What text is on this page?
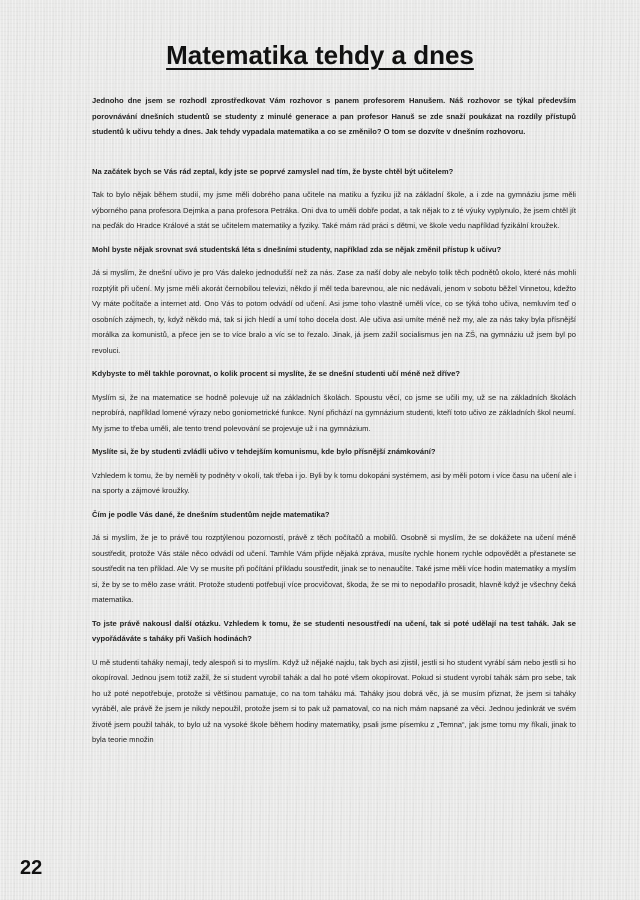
Matematika tehdy a dnes

Jednoho dne jsem se rozhodl zprostředkovat Vám rozhovor s panem profesorem Hanušem. Náš rozhovor se týkal především porovnávání dnešních studentů se studenty z minulé generace a pan profesor Hanuš se zde snaží poukázat na rozdíly přístupů studentů k učivu tehdy a dnes. Jak tehdy vypadala matematika a co se změnilo? O tom se dozvíte v dnešním rozhovoru.

Na začátek bych se Vás rád zeptal, kdy jste se poprvé zamyslel nad tím, že byste chtěl být učitelem?

Tak to bylo nějak během studií, my jsme měli dobrého pana učitele na matiku a fyziku již na základní škole, a i zde na gymnáziu jsme měli výborného pana profesora Dejmka a pana profesora Petráka. Oni dva to uměli dobře podat, a tak nějak to z té výuky vyplynulo, že jsem chtěl jít na peďák do Hradce Králové a stát se učitelem matematiky a fyziky. Také mám rád práci s dětmi, ve škole vedu například fyzikální kroužek.

Mohl byste nějak srovnat svá studentská léta s dnešními studenty, například zda se nějak změnil přístup k učivu?

Já si myslím, že dnešní učivo je pro Vás daleko jednodušší než za nás. Zase za naší doby ale nebylo tolik těch podnětů okolo, které nás mohli rozptýlit při učení. My jsme měli akorát černobílou televizi, někdo jí měl teda barevnou, ale nic nedávali, jenom v sobotu běžel Vinnetou, kdežto Vy máte počítače a internet atd. Ono Vás to potom odvádí od učení. Asi jsme toho vlastně uměli více, co se týká toho učiva, nemluvím teď o osobních zájmech, ty, když někdo má, tak si jich hledí a umí toho docela dost. Ale učiva asi umíte méně než my, ale za nás taky byla přísnější morálka za komunistů, a přece jen se to více bralo a víc se to řezalo. Jinak, já jsem zažil socialismus jen na ZŠ, na gymnáziu už jsem byl po revoluci.

Kdybyste to měl takhle porovnat, o kolik procent si myslíte, že se dnešní studenti učí méně než dříve?

Myslím si, že na matematice se hodně polevuje už na základních školách. Spoustu věcí, co jsme se učili my, už se na základních školách neprobírá, například lomené výrazy nebo goniometrické funkce. Nyní přichází na gymnázium studenti, kteří toto učivo ze základních škol neumí. My jsme to třeba uměli, ale tento trend polevování se projevuje už i na gymnázium.

Myslíte si, že by studenti zvládli učivo v tehdejším komunismu, kde bylo přísnější známkování?

Vzhledem k tomu, že by neměli ty podněty v okolí, tak třeba i jo. Byli by k tomu dokopáni systémem, asi by měli potom i více času na učení ale i na sporty a zájmové kroužky.

Čím je podle Vás dané, že dnešním studentům nejde matematika?

Já si myslím, že je to právě tou rozptýlenou pozorností, právě z těch počítačů a mobilů. Osobně si myslím, že se dokážete na učení méně soustředit, protože Vás stále něco odvádí od učení. Tamhle Vám přijde nějaká zpráva, musíte rychle honem rychle odpovědět a přestanete se soustředit na ten příklad. Ale Vy se musíte při počítání příkladu soustředit, jinak se to nenaučíte. Také jsme měli více hodin matematiky a myslím si, že by se to mělo zase vrátit. Protože studenti potřebují více procvičovat, škoda, že se mi to nepodařilo prosadit, hlavně když je všechny čeká matematika.

To jste právě nakousl další otázku. Vzhledem k tomu, že se studenti nesoustředí na učení, tak si poté udělají na test tahák. Jak se vypořádáváte s taháky při Vašich hodinách?

U mě studenti taháky nemají, tedy alespoň si to myslím. Když už nějaké najdu, tak bych asi zjistil, jestli si ho student vyrábí sám nebo jestli si ho okopíroval. Jednou jsem totiž zažil, že si student vyrobil tahák a dal ho poté všem okopírovat. Pokud si student vyrobí tahák sám pro sebe, tak ho už poté nepotřebuje, protože si většinou pamatuje, co na tom taháku má. Taháky jsou dobrá věc, já se musím přiznat, že jsem si taháky vyráběl, ale právě že jsem je nikdy nepoužil, protože jsem si to pak už pamatoval, co na nich mám napsané za věci. Jednou jedinkrát ve svém životě jsem použil tahák, to bylo už na vysoké škole během hodiny matematiky, psali jsme písemku z „Temna“, jak jsme tomu my říkali, jinak to byla teorie množin

22
